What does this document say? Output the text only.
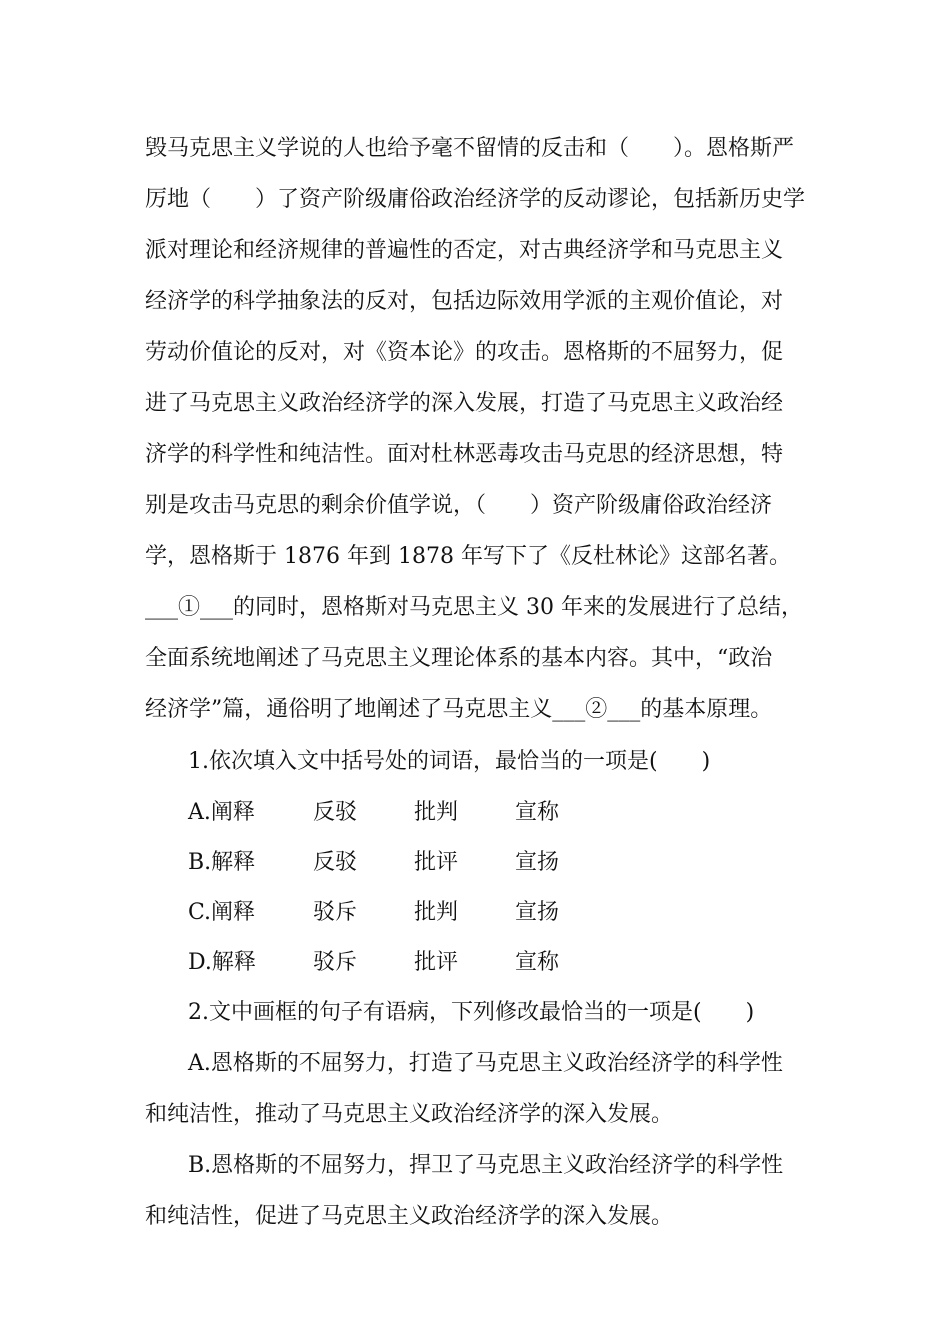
毁马克思主义学说的人也给予毫不留情的反击和（　　）。恩格斯严
厉地（　　）了资产阶级庸俗政治经济学的反动谬论，包括新历史学
派对理论和经济规律的普遍性的否定，对古典经济学和马克思主义
经济学的科学抽象法的反对，包括边际效用学派的主观价值论，对
劳动价值论的反对，对《资本论》的攻击。恩格斯的不屈努力，促
进了马克思主义政治经济学的深入发展，打造了马克思主义政治经
济学的科学性和纯洁性。面对杜林恶毒攻击马克思的经济思想，特
别是攻击马克思的剩余价值学说，（　　）资产阶级庸俗政治经济
学，恩格斯于 1876 年到 1878 年写下了《反杜林论》这部名著。
___①___的同时，恩格斯对马克思主义 30 年来的发展进行了总结，
全面系统地阐述了马克思主义理论体系的基本内容。其中，“政治
经济学”篇，通俗明了地阐述了马克思主义___②___的基本原理。
1.依次填入文中括号处的词语，最恰当的一项是(　　)
A.阐释	反驳	批判	宣称
B.解释	反驳	批评	宣扬
C.阐释	驳斥	批判	宣扬
D.解释	驳斥	批评	宣称
2.文中画框的句子有语病，下列修改最恰当的一项是(　　)
A.恩格斯的不屈努力，打造了马克思主义政治经济学的科学性
和纯洁性，推动了马克思主义政治经济学的深入发展。
B.恩格斯的不屈努力，捍卫了马克思主义政治经济学的科学性
和纯洁性，促进了马克思主义政治经济学的深入发展。
